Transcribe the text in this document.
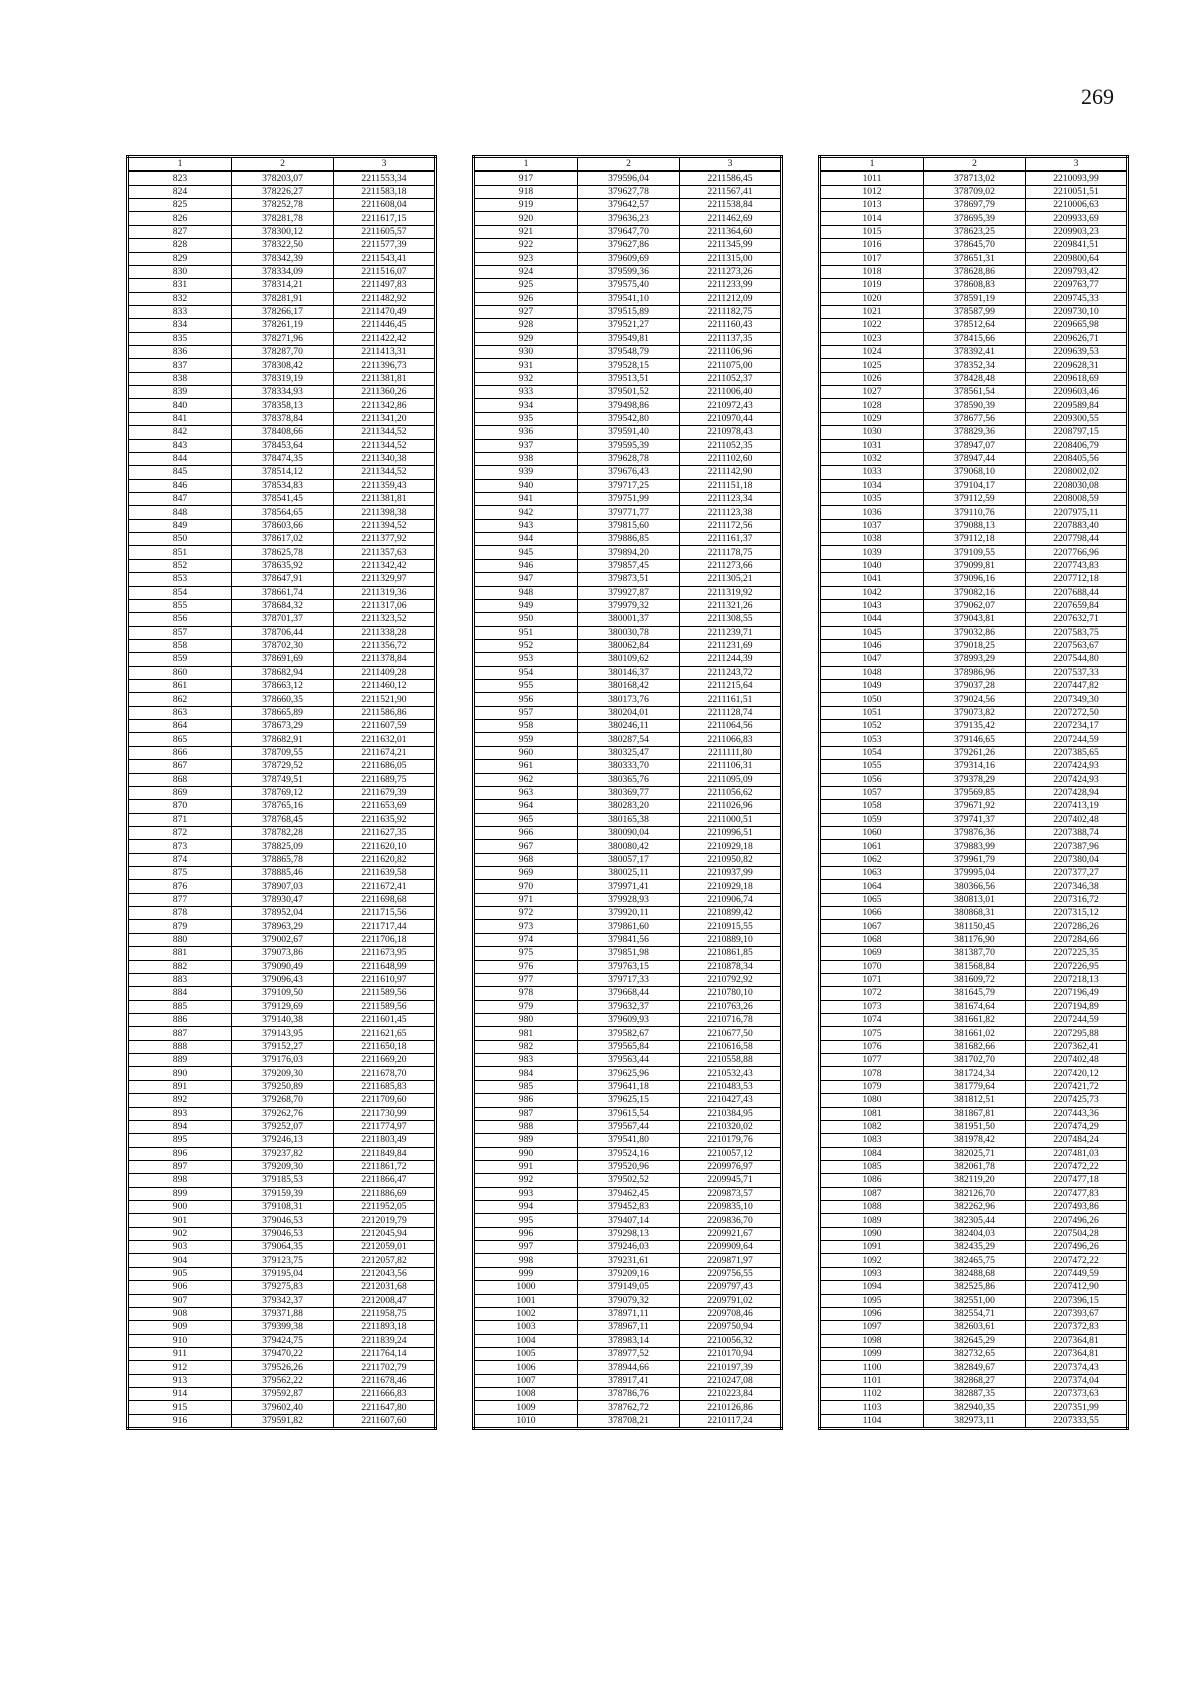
269
1	2	3
823	378203,07	2211553,34
824	378226,27	2211583,18
825	378252,78	2211608,04
826	378281,78	2211617,15
827	378300,12	2211605,57
828	378322,50	2211577,39
829	378342,39	2211543,41
830	378334,09	2211516,07
831	378314,21	2211497,83
832	378281,91	2211482,92
833	378266,17	2211470,49
834	378261,19	2211446,45
835	378271,96	2211422,42
836	378287,70	2211413,31
837	378308,42	2211396,73
838	378319,19	2211381,81
839	378334,93	2211360,26
840	378358,13	2211342,86
841	378378,84	2211341,20
842	378408,66	2211344,52
843	378453,64	2211344,52
844	378474,35	2211340,38
845	378514,12	2211344,52
846	378534,83	2211359,43
847	378541,45	2211381,81
848	378564,65	2211398,38
849	378603,66	2211394,52
850	378617,02	2211377,92
851	378625,78	2211357,63
852	378635,92	2211342,42
853	378647,91	2211329,97
854	378661,74	2211319,36
855	378684,32	2211317,06
856	378701,37	2211323,52
857	378706,44	2211338,28
858	378702,30	2211356,72
859	378691,69	2211378,84
860	378682,94	2211409,28
861	378663,12	2211460,12
862	378660,35	2211521,90
863	378665,89	2211586,86
864	378673,29	2211607,59
865	378682,91	2211632,01
866	378709,55	2211674,21
867	378729,52	2211686,05
868	378749,51	2211689,75
869	378769,12	2211679,39
870	378765,16	2211653,69
871	378768,45	2211635,92
872	378782,28	2211627,35
873	378825,09	2211620,10
874	378865,78	2211620,82
875	378885,46	2211639,58
876	378907,03	2211672,41
877	378930,47	2211698,68
878	378952,04	2211715,56
879	378963,29	2211717,44
880	379002,67	2211706,18
881	379073,86	2211673,95
882	379090,49	2211648,99
883	379096,43	2211610,97
884	379109,50	2211589,56
885	379129,69	2211589,56
886	379140,38	2211601,45
887	379143,95	2211621,65
888	379152,27	2211650,18
889	379176,03	2211669,20
890	379209,30	2211678,70
891	379250,89	2211685,83
892	379268,70	2211709,60
893	379262,76	2211730,99
894	379252,07	2211774,97
895	379246,13	2211803,49
896	379237,82	2211849,84
897	379209,30	2211861,72
898	379185,53	2211866,47
899	379159,39	2211886,69
900	379108,31	2211952,05
901	379046,53	2212019,79
902	379046,53	2212045,94
903	379064,35	2212059,01
904	379123,75	2212057,82
905	379195,04	2212043,56
906	379275,83	2212031,68
907	379342,37	2212008,47
908	379371,88	2211958,75
909	379399,38	2211893,18
910	379424,75	2211839,24
911	379470,22	2211764,14
912	379526,26	2211702,79
913	379562,22	2211678,46
914	379592,87	2211666,83
915	379602,40	2211647,80
916	379591,82	2211607,60
1	2	3
917	379596,04	2211586,45
918	379627,78	2211567,41
919	379642,57	2211538,84
920	379636,23	2211462,69
921	379647,70	2211364,60
922	379627,86	2211345,99
923	379609,69	2211315,00
924	379599,36	2211273,26
925	379575,40	2211233,99
926	379541,10	2211212,09
927	379515,89	2211182,75
928	379521,27	2211160,43
929	379549,81	2211137,35
930	379548,79	2211106,96
931	379528,15	2211075,00
932	379513,51	2211052,37
933	379501,52	2211006,40
934	379498,86	2210972,43
935	379542,80	2210970,44
936	379591,40	2210978,43
937	379595,39	2211052,35
938	379628,78	2211102,60
939	379676,43	2211142,90
940	379717,25	2211151,18
941	379751,99	2211123,34
942	379771,77	2211123,38
943	379815,60	2211172,56
944	379886,85	2211161,37
945	379894,20	2211178,75
946	379857,45	2211273,66
947	379873,51	2211305,21
948	379927,87	2211319,92
949	379979,32	2211321,26
950	380001,37	2211308,55
951	380030,78	2211239,71
952	380062,84	2211231,69
953	380109,62	2211244,39
954	380146,37	2211243,72
955	380168,42	2211215,64
956	380173,76	2211161,51
957	380204,01	2211128,74
958	380246,11	2211064,56
959	380287,54	2211066,83
960	380325,47	2211111,80
961	380333,70	2211106,31
962	380365,76	2211095,09
963	380369,77	2211056,62
964	380283,20	2211026,96
965	380165,38	2211000,51
966	380090,04	2210996,51
967	380080,42	2210929,18
968	380057,17	2210950,82
969	380025,11	2210937,99
970	379971,41	2210929,18
971	379928,93	2210906,74
972	379920,11	2210899,42
973	379861,60	2210915,55
974	379841,56	2210889,10
975	379851,98	2210861,85
976	379763,15	2210878,34
977	379717,33	2210792,92
978	379668,44	2210780,10
979	379632,37	2210763,26
980	379609,93	2210716,78
981	379582,67	2210677,50
982	379565,84	2210616,58
983	379563,44	2210558,88
984	379625,96	2210532,43
985	379641,18	2210483,53
986	379625,15	2210427,43
987	379615,54	2210384,95
988	379567,44	2210320,02
989	379541,80	2210179,76
990	379524,16	2210057,12
991	379520,96	2209976,97
992	379502,52	2209945,71
993	379462,45	2209873,57
994	379452,83	2209835,10
995	379407,14	2209836,70
996	379298,13	2209921,67
997	379246,03	2209909,64
998	379231,61	2209871,97
999	379209,16	2209756,55
1000	379149,05	2209797,43
1001	379079,32	2209791,02
1002	378971,11	2209708,46
1003	378967,11	2209750,94
1004	378983,14	2210056,32
1005	378977,52	2210170,94
1006	378944,66	2210197,39
1007	378917,41	2210247,08
1008	378786,76	2210223,84
1009	378762,72	2210126,86
1010	378708,21	2210117,24
1	2	3
1011	378713,02	2210093,99
1012	378709,02	2210051,51
1013	378697,79	2210006,63
1014	378695,39	2209933,69
1015	378623,25	2209903,23
1016	378645,70	2209841,51
1017	378651,31	2209800,64
1018	378628,86	2209793,42
1019	378608,83	2209763,77
1020	378591,19	2209745,33
1021	378587,99	2209730,10
1022	378512,64	2209665,98
1023	378415,66	2209626,71
1024	378392,41	2209639,53
1025	378352,34	2209628,31
1026	378428,48	2209618,69
1027	378561,54	2209603,46
1028	378590,39	2209589,84
1029	378677,56	2209300,55
1030	378829,36	2208797,15
1031	378947,07	2208406,79
1032	378947,44	2208405,56
1033	379068,10	2208002,02
1034	379104,17	2208030,08
1035	379112,59	2208008,59
1036	379110,76	2207975,11
1037	379088,13	2207883,40
1038	379112,18	2207798,44
1039	379109,55	2207766,96
1040	379099,81	2207743,83
1041	379096,16	2207712,18
1042	379082,16	2207688,44
1043	379062,07	2207659,84
1044	379043,81	2207632,71
1045	379032,86	2207583,75
1046	379018,25	2207563,67
1047	378993,29	2207544,80
1048	378986,96	2207537,33
1049	379037,28	2207447,82
1050	379024,56	2207349,30
1051	379073,82	2207272,50
1052	379135,42	2207234,17
1053	379146,65	2207244,59
1054	379261,26	2207385,65
1055	379314,16	2207424,93
1056	379378,29	2207424,93
1057	379569,85	2207428,94
1058	379671,92	2207413,19
1059	379741,37	2207402,48
1060	379876,36	2207388,74
1061	379883,99	2207387,96
1062	379961,79	2207380,04
1063	379995,04	2207377,27
1064	380366,56	2207346,38
1065	380813,01	2207316,72
1066	380868,31	2207315,12
1067	381150,45	2207286,26
1068	381176,90	2207284,66
1069	381387,70	2207225,35
1070	381568,84	2207226,95
1071	381609,72	2207218,13
1072	381645,79	2207196,49
1073	381674,64	2207194,89
1074	381661,82	2207244,59
1075	381661,02	2207295,88
1076	381682,66	2207362,41
1077	381702,70	2207402,48
1078	381724,34	2207420,12
1079	381779,64	2207421,72
1080	381812,51	2207425,73
1081	381867,81	2207443,36
1082	381951,50	2207474,29
1083	381978,42	2207484,24
1084	382025,71	2207481,03
1085	382061,78	2207472,22
1086	382119,20	2207477,18
1087	382126,70	2207477,83
1088	382262,96	2207493,86
1089	382305,44	2207496,26
1090	382404,03	2207504,28
1091	382435,29	2207496,26
1092	382465,75	2207472,22
1093	382488,68	2207449,59
1094	382525,86	2207412,90
1095	382551,00	2207396,15
1096	382554,71	2207393,67
1097	382603,61	2207372,83
1098	382645,29	2207364,81
1099	382732,65	2207364,81
1100	382849,67	2207374,43
1101	382868,27	2207374,04
1102	382887,35	2207373,63
1103	382940,35	2207351,99
1104	382973,11	2207333,55
